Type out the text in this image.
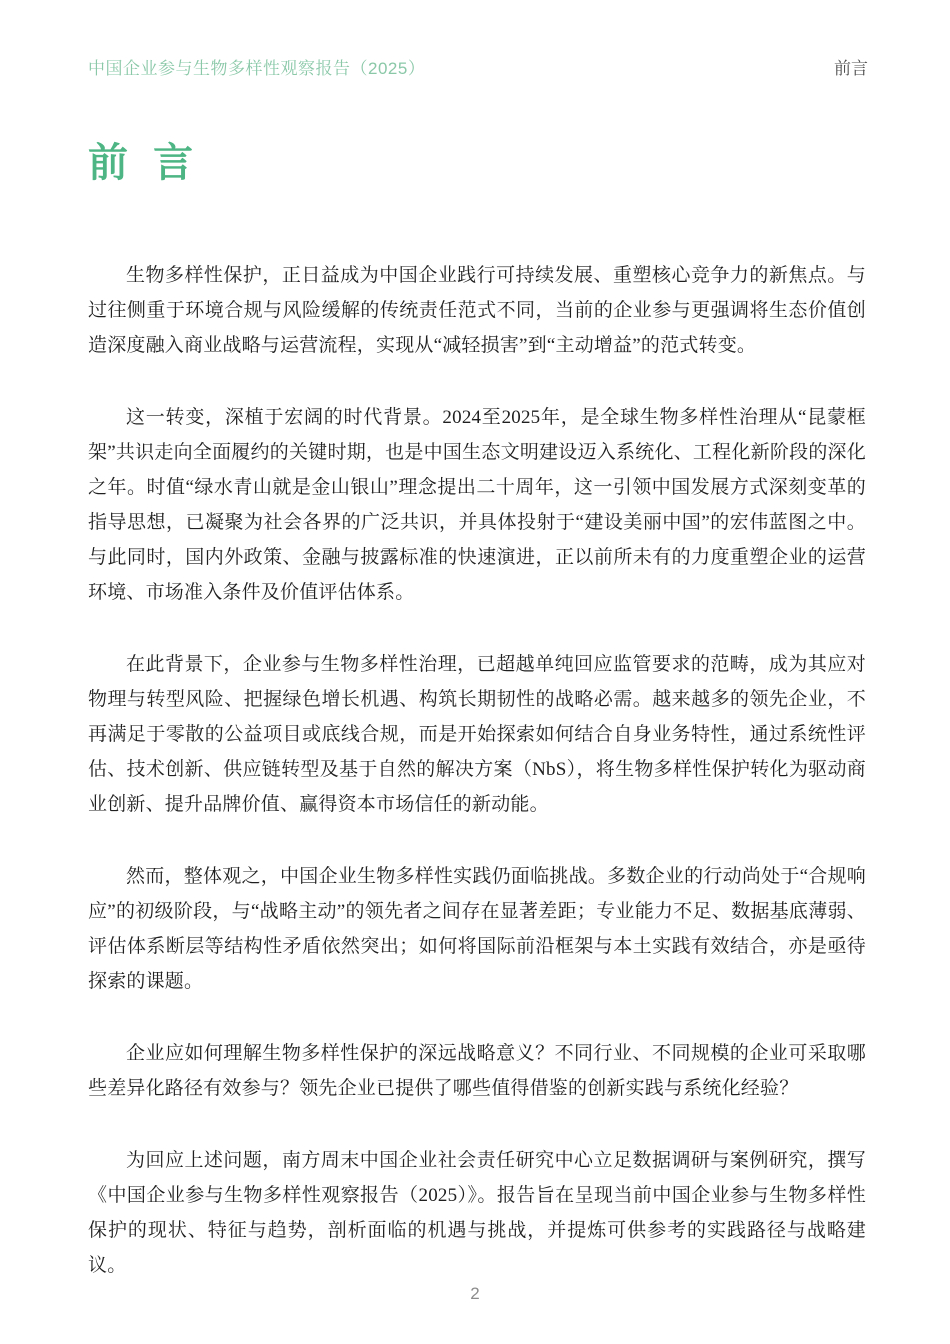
中国企业参与生物多样性观察报告（2025）	前言
前 言

生物多样性保护，正日益成为中国企业践行可持续发展、重塑核心竞争力的新焦点。与过往侧重于环境合规与风险缓解的传统责任范式不同，当前的企业参与更强调将生态价值创造深度融入商业战略与运营流程，实现从“减轻损害”到“主动增益”的范式转变。

这一转变，深植于宏阔的时代背景。2024至2025年，是全球生物多样性治理从“昆蒙框架”共识走向全面履约的关键时期，也是中国生态文明建设迈入系统化、工程化新阶段的深化之年。时值“绿水青山就是金山银山”理念提出二十周年，这一引领中国发展方式深刻变革的指导思想，已凝聚为社会各界的广泛共识，并具体投射于“建设美丽中国”的宏伟蓝图之中。与此同时，国内外政策、金融与披露标准的快速演进，正以前所未有的力度重塑企业的运营环境、市场准入条件及价值评估体系。

在此背景下，企业参与生物多样性治理，已超越单纯回应监管要求的范畴，成为其应对物理与转型风险、把握绿色增长机遇、构筑长期韧性的战略必需。越来越多的领先企业，不再满足于零散的公益项目或底线合规，而是开始探索如何结合自身业务特性，通过系统性评估、技术创新、供应链转型及基于自然的解决方案（NbS），将生物多样性保护转化为驱动商业创新、提升品牌价值、赢得资本市场信任的新动能。

然而，整体观之，中国企业生物多样性实践仍面临挑战。多数企业的行动尚处于“合规响应”的初级阶段，与“战略主动”的领先者之间存在显著差距；专业能力不足、数据基底薄弱、评估体系断层等结构性矛盾依然突出；如何将国际前沿框架与本土实践有效结合，亦是亟待探索的课题。

企业应如何理解生物多样性保护的深远战略意义？不同行业、不同规模的企业可采取哪些差异化路径有效参与？领先企业已提供了哪些值得借鉴的创新实践与系统化经验？

为回应上述问题，南方周末中国企业社会责任研究中心立足数据调研与案例研究，撰写《中国企业参与生物多样性观察报告（2025）》。报告旨在呈现当前中国企业参与生物多样性保护的现状、特征与趋势，剖析面临的机遇与挑战，并提炼可供参考的实践路径与战略建议。

2
